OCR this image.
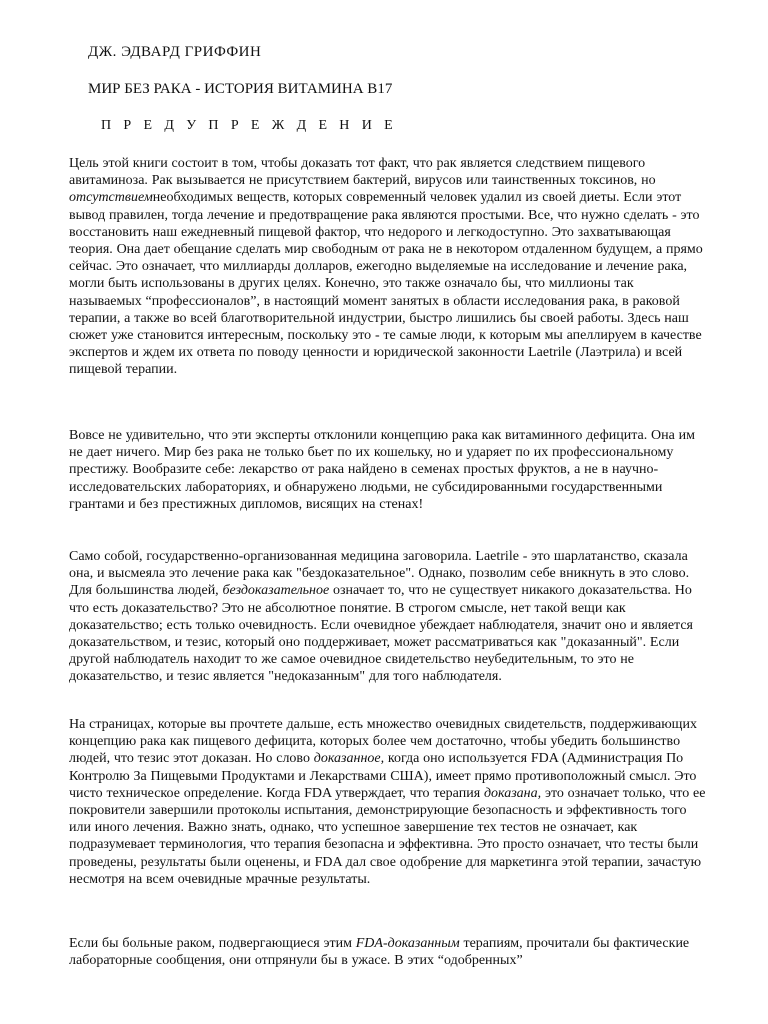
ДЖ. ЭДВАРД ГРИФФИН
МИР БЕЗ РАКА - ИСТОРИЯ ВИТАМИНА B17
П Р Е Д У П Р Е Ж Д Е Н И Е

Цель этой книги состоит в том, чтобы доказать тот факт, что рак является следствием пищевого авитаминоза. Рак вызывается не присутствием бактерий, вирусов или таинственных токсинов, но отсутствиемнеобходимых веществ, которых современный человек удалил из своей диеты. Если этот вывод правилен, тогда лечение и предотвращение рака являются простыми. Все, что нужно сделать - это восстановить наш ежедневный пищевой фактор, что недорого и легкодоступно. Это захватывающая теория. Она дает обещание сделать мир свободным от рака не в некотором отдаленном будущем, а прямо сейчас. Это означает, что миллиарды долларов, ежегодно выделяемые на исследование и лечение рака, могли быть использованы в других целях. Конечно, это также означало бы, что миллионы так называемых “профессионалов”, в настоящий момент занятых в области исследования рака, в раковой терапии, а также во всей благотворительной индустрии, быстро лишились бы своей работы. Здесь наш сюжет уже становится интересным, поскольку это - те самые люди, к которым мы апеллируем в качестве экспертов и ждем их ответа по поводу ценности и юридической законности Laetrile (Лаэтрила) и всей пищевой терапии.

Вовсе не удивительно, что эти эксперты отклонили концепцию рака как витаминного дефицита. Она им не дает ничего. Мир без рака не только бьет по их кошельку, но и ударяет по их профессиональному престижу. Вообразите себе: лекарство от рака найдено в семенах простых фруктов, а не в научно-исследовательских лабораториях, и обнаружено людьми, не субсидированными государственными грантами и без престижных дипломов, висящих на стенах!

Само собой, государственно-организованная медицина заговорила. Laetrile - это шарлатанство, сказала она, и высмеяла это лечение рака как "бездоказательное". Однако, позволим себе вникнуть в это слово. Для большинства людей, бездоказательное означает то, что не существует никакого доказательства. Но что есть доказательство? Это не абсолютное понятие. В строгом смысле, нет такой вещи как доказательство; есть только очевидность. Если очевидное убеждает наблюдателя, значит оно и является доказательством, и тезис, который оно поддерживает, может рассматриваться как "доказанный". Если другой наблюдатель находит то же самое очевидное свидетельство неубедительным, то это не доказательство, и тезис является "недоказанным" для того наблюдателя.

На страницах, которые вы прочтете дальше, есть множество очевидных свидетельств, поддерживающих концепцию рака как пищевого дефицита, которых более чем достаточно, чтобы убедить большинство людей, что тезис этот доказан. Но слово доказанное, когда оно используется FDA (Администрация По Контролю За Пищевыми Продуктами и Лекарствами США), имеет прямо противоположный смысл. Это чисто техническое определение. Когда FDA утверждает, что терапия доказана, это означает только, что ее покровители завершили протоколы испытания, демонстрирующие безопасность и эффективность того или иного лечения. Важно знать, однако, что успешное завершение тех тестов не означает, как подразумевает терминология, что терапия безопасна и эффективна. Это просто означает, что тесты были проведены, результаты были оценены, и FDA дал свое одобрение для маркетинга этой терапии, зачастую несмотря на всем очевидные мрачные результаты.

Если бы больные раком, подвергающиеся этим FDA-доказанным терапиям, прочитали бы фактические лабораторные сообщения, они отпрянули бы в ужасе. В этих “одобренных”
